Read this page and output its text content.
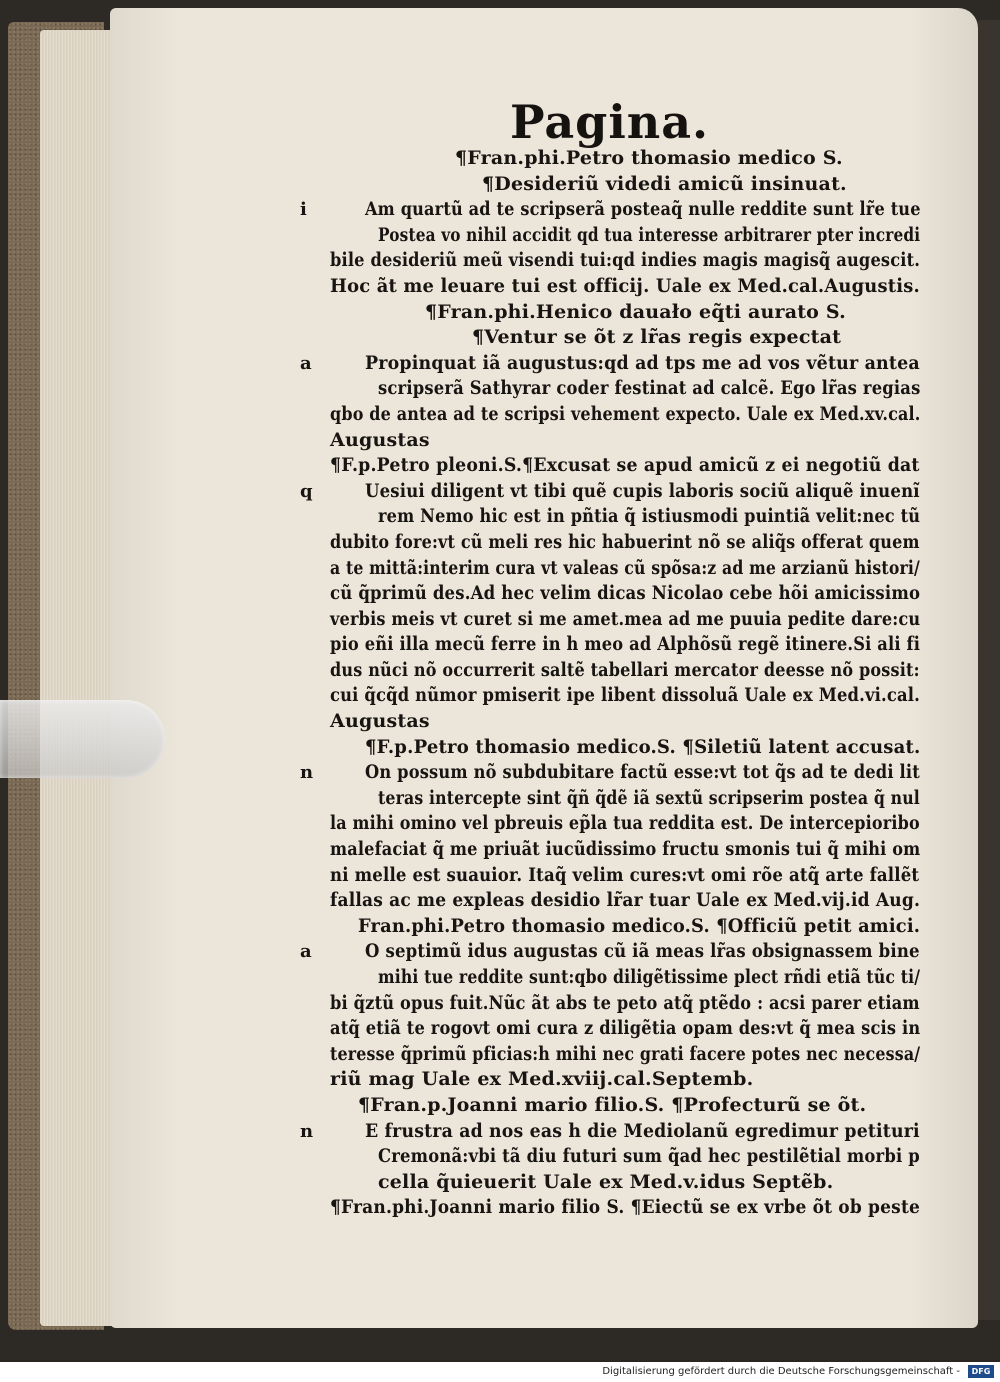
Pagina.
¶Fran.phi.Petro thomasio medico S.
¶Desideriũ videdi amicũ insinuat.
i	Am quartũ ad te scripserã posteaq̃ nulle reddite sunt lr̃e tue
Postea vo nihil accidit qd tua interesse arbitrarer pter incredi
bile desideriũ meũ visendi tui:qd indies magis magisq̃ augescit.
Hoc ãt me leuare tui est officij. Uale ex Med.cal.Augustis.
¶Fran.phi.Henico dauało eq̃ti aurato S.
¶Ventur se õt z lr̃as regis expectat
a	Propinquat iã augustus:qd ad tps me ad vos vẽtur antea
scripserã Sathyrar coder festinat ad calcẽ. Ego lr̃as regias
qbo de antea ad te scripsi vehement expecto. Uale ex Med.xv.cal.
Augustas
¶F.p.Petro pleoni.S.¶Excusat se apud amicũ z ei negotiũ dat
q	Uesiui diligent vt tibi quẽ cupis laboris sociũ aliquẽ inuenĩ
rem Nemo hic est in pñtia q̃ istiusmodi puintiã velit:nec tũ
dubito fore:vt cũ meli res hic habuerint nõ se aliq̃s offerat quem
a te mittã:interim cura vt valeas cũ spõsa:z ad me arzianũ histori/
cũ q̃primũ des.Ad hec velim dicas Nicolao cebe hõi amicissimo
verbis meis vt curet si me amet.mea ad me puuia pedite dare:cu
pio eñi illa mecũ ferre in h meo ad Alphõsũ regẽ itinere.Si ali fi
dus nũci nõ occurrerit saltẽ tabellari mercator deesse nõ possit:
cui q̃cq̃d nũmor pmiserit ipe libent dissoluã Uale ex Med.vi.cal.
Augustas
¶F.p.Petro thomasio medico.S. ¶Siletiũ latent accusat.
n	On possum nõ subdubitare factũ esse:vt tot q̃s ad te dedi lit
teras intercepte sint q̃ñ q̃dẽ iã sextũ scripserim postea q̃ nul
la mihi omino vel pbreuis ep̃la tua reddita est. De intercepioribo
malefaciat q̃ me priuãt iucũdissimo fructu smonis tui q̃ mihi om
ni melle est suauior. Itaq̃ velim cures:vt omi rõe atq̃ arte fallẽt
fallas ac me expleas desidio lr̃ar tuar Uale ex Med.vij.id Aug.
Fran.phi.Petro thomasio medico.S. ¶Officiũ petit amici.
a	O septimũ idus augustas cũ iã meas lr̃as obsignassem bine
mihi tue reddite sunt:qbo diligẽtissime plect rñdi etiã tũc ti/
bi q̃ztũ opus fuit.Nũc ãt abs te peto atq̃ ptẽdo : acsi parer etiam
atq̃ etiã te rogovt omi cura z diligẽtia opam des:vt q̃ mea scis in
teresse q̃primũ pficias:h mihi nec grati facere potes nec necessa/
riũ mag Uale ex Med.xviij.cal.Septemb.
¶Fran.p.Joanni mario filio.S. ¶Profecturũ se õt.
n	E frustra ad nos eas h die Mediolanũ egredimur petituri
Cremonã:vbi tã diu futuri sum q̃ad hec pestilẽtial morbi p
cella q̃uieuerit Uale ex Med.v.idus Septẽb.
¶Fran.phi.Joanni mario filio S. ¶Eiectũ se ex vrbe õt ob peste
Digitalisierung gefördert durch die Deutsche Forschungsgemeinschaft -	DFG
